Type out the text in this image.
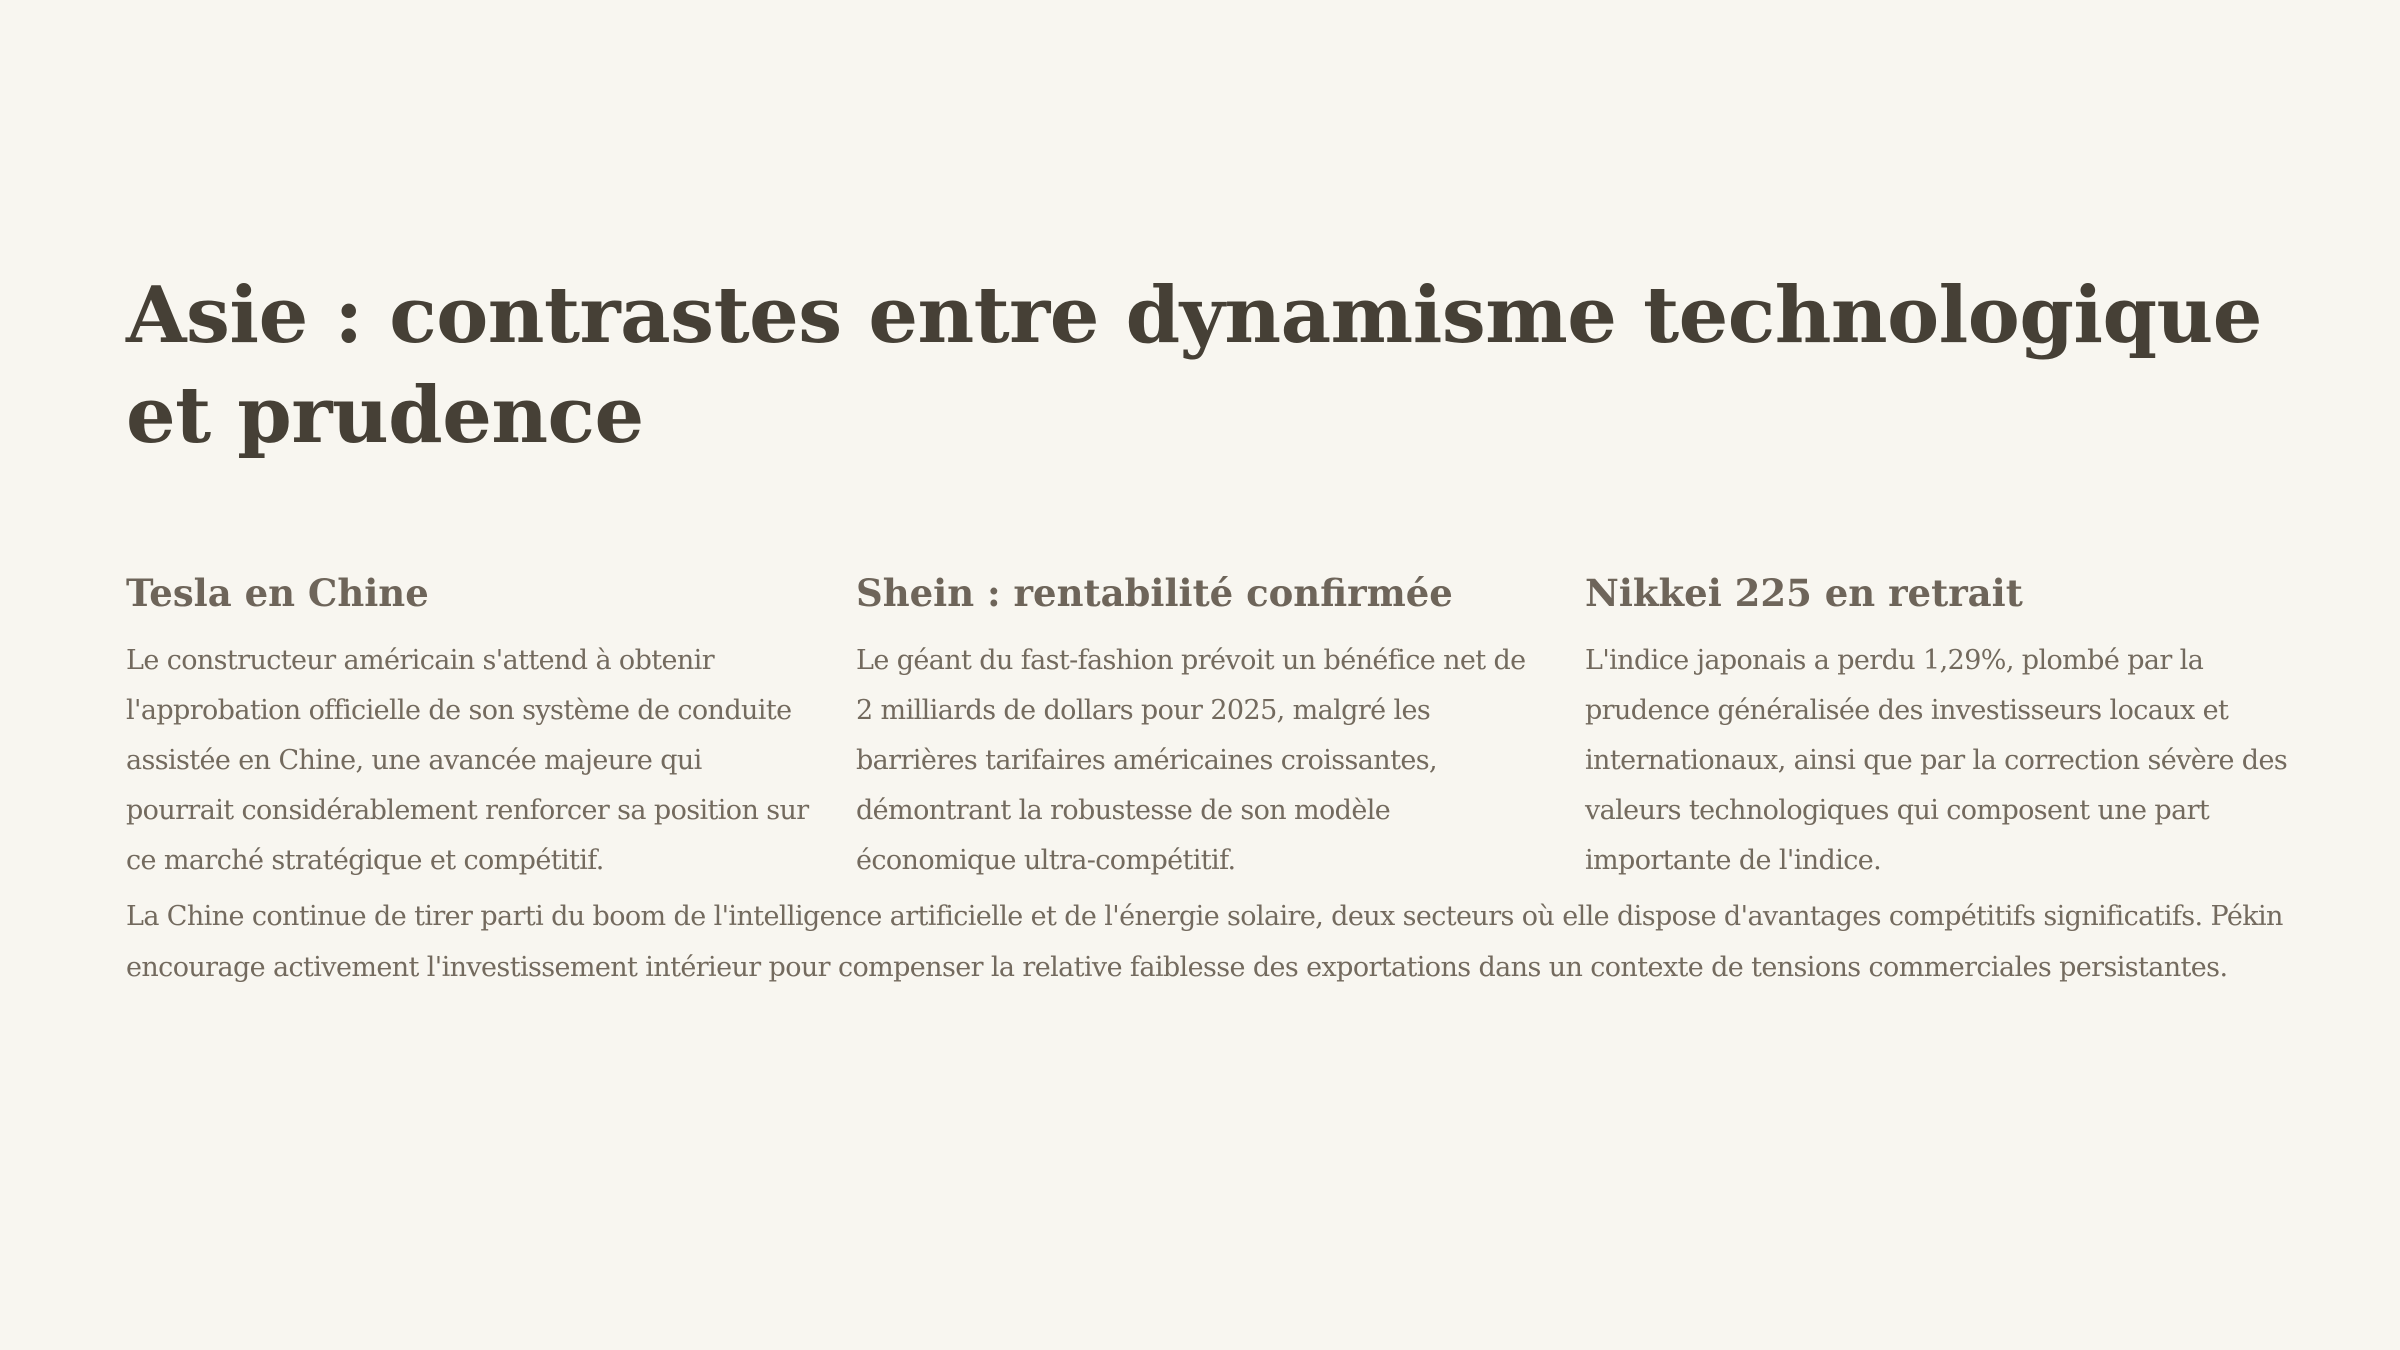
Asie : contrastes entre dynamisme technologique et prudence
Tesla en Chine

Le constructeur américain s'attend à obtenir l'approbation officielle de son système de conduite assistée en Chine, une avancée majeure qui pourrait considérablement renforcer sa position sur ce marché stratégique et compétitif.

Shein : rentabilité confirmée

Le géant du fast-fashion prévoit un bénéfice net de 2 milliards de dollars pour 2025, malgré les barrières tarifaires américaines croissantes, démontrant la robustesse de son modèle économique ultra-compétitif.

Nikkei 225 en retrait

L'indice japonais a perdu 1,29%, plombé par la prudence généralisée des investisseurs locaux et internationaux, ainsi que par la correction sévère des valeurs technologiques qui composent une part importante de l'indice.

La Chine continue de tirer parti du boom de l'intelligence artificielle et de l'énergie solaire, deux secteurs où elle dispose d'avantages compétitifs significatifs. Pékin encourage activement l'investissement intérieur pour compenser la relative faiblesse des exportations dans un contexte de tensions commerciales persistantes.
